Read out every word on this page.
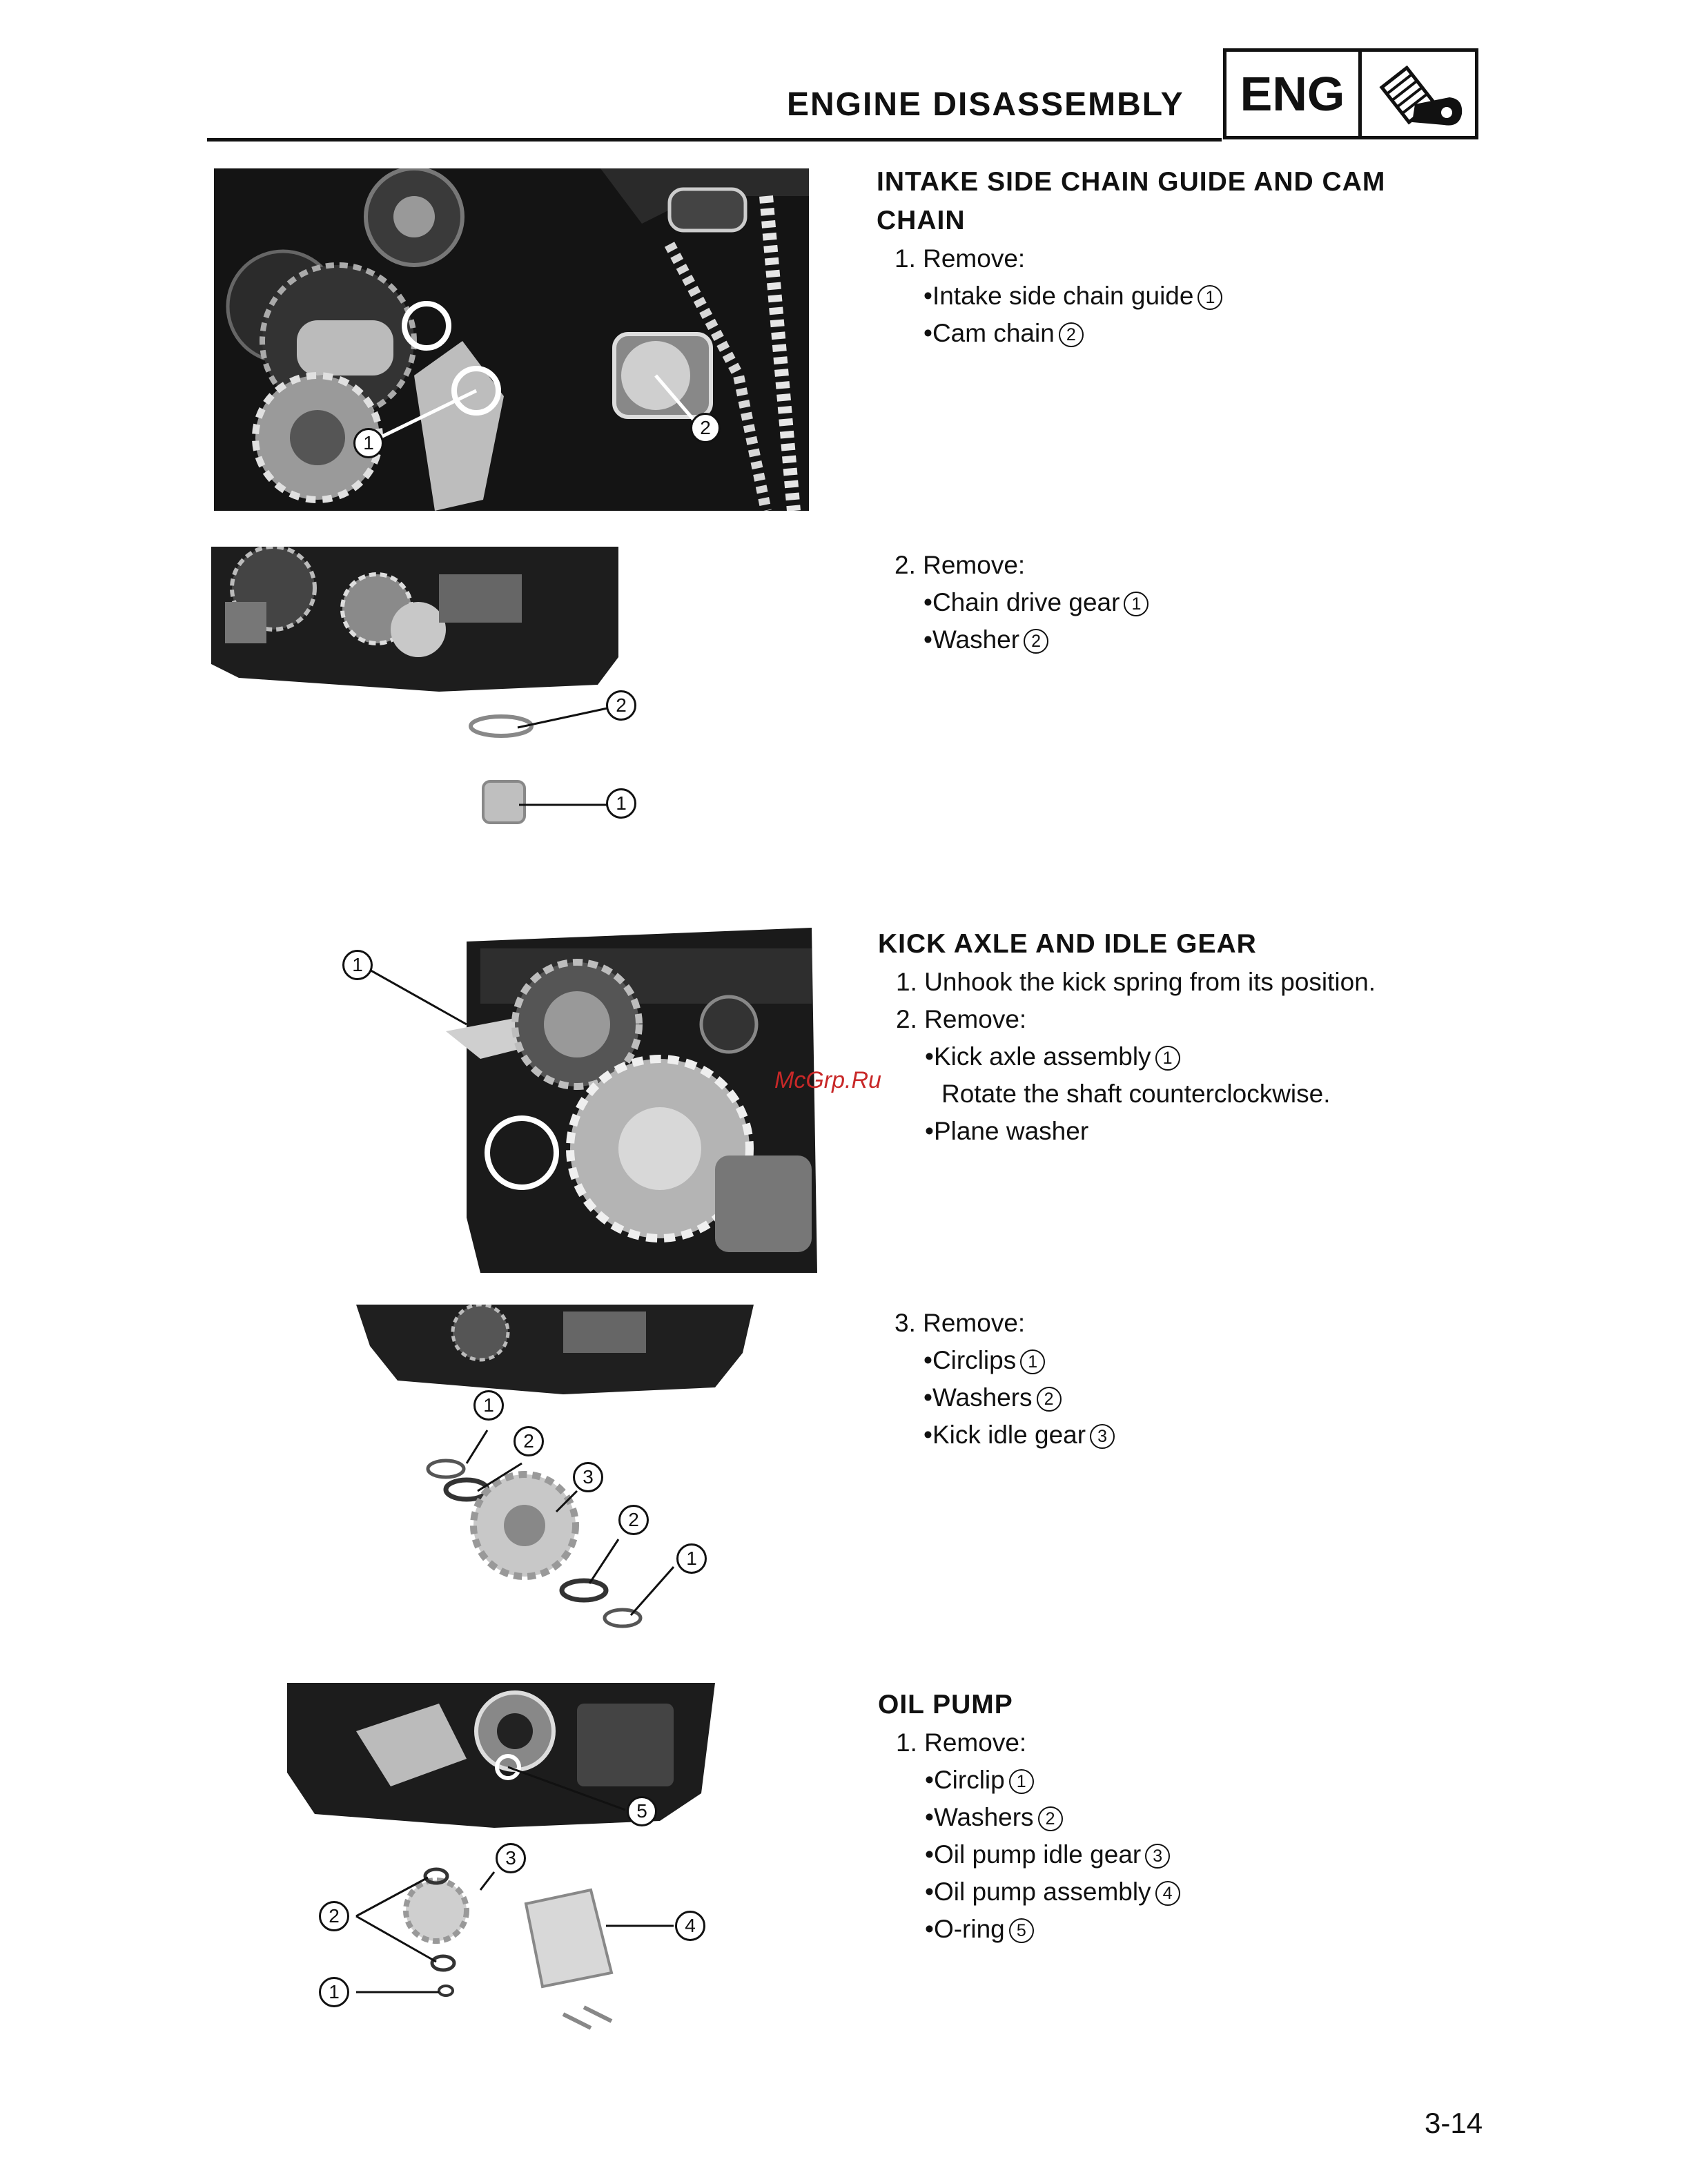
ENGINE DISASSEMBLY ENG
1
2
2
1
1
1
2
3
2
1
3
2
1
5
4
McGrp.Ru
INTAKE SIDE CHAIN GUIDE AND CAM
CHAIN
1. Remove:
•Intake side chain guide 1
•Cam chain 2
2. Remove:
•Chain drive gear 1
•Washer 2
KICK AXLE AND IDLE GEAR
1. Unhook the kick spring from its position.
2. Remove:
•Kick axle assembly 1
Rotate the shaft counterclockwise.
•Plane washer
3. Remove:
•Circlips 1
•Washers 2
•Kick idle gear 3
OIL PUMP
1. Remove:
•Circlip 1
•Washers 2
•Oil pump idle gear 3
•Oil pump assembly 4
•O-ring 5
3-14
